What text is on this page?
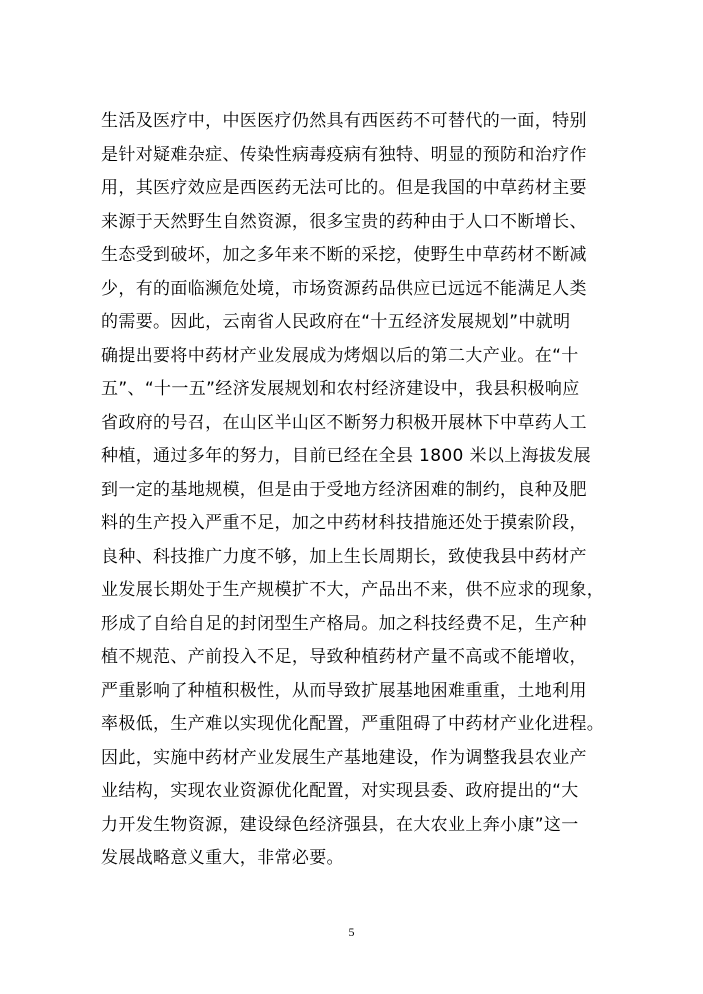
生活及医疗中，中医医疗仍然具有西医药不可替代的一面，特别
是针对疑难杂症、传染性病毒疫病有独特、明显的预防和治疗作
用，其医疗效应是西医药无法可比的。但是我国的中草药材主要
来源于天然野生自然资源，很多宝贵的药种由于人口不断增长、
生态受到破坏，加之多年来不断的采挖，使野生中草药材不断减
少，有的面临濒危处境，市场资源药品供应已远远不能满足人类
的需要。因此，云南省人民政府在“十五经济发展规划”中就明
确提出要将中药材产业发展成为烤烟以后的第二大产业。在“十
五”、“十一五”经济发展规划和农村经济建设中，我县积极响应
省政府的号召，在山区半山区不断努力积极开展林下中草药人工
种植，通过多年的努力，目前已经在全县 1800 米以上海拔发展
到一定的基地规模，但是由于受地方经济困难的制约，良种及肥
料的生产投入严重不足，加之中药材科技措施还处于摸索阶段，
良种、科技推广力度不够，加上生长周期长，致使我县中药材产
业发展长期处于生产规模扩不大，产品出不来，供不应求的现象，
形成了自给自足的封闭型生产格局。加之科技经费不足，生产种
植不规范、产前投入不足，导致种植药材产量不高或不能增收，
严重影响了种植积极性，从而导致扩展基地困难重重，土地利用
率极低，生产难以实现优化配置，严重阻碍了中药材产业化进程。
因此，实施中药材产业发展生产基地建设，作为调整我县农业产
业结构，实现农业资源优化配置，对实现县委、政府提出的“大
力开发生物资源，建设绿色经济强县，在大农业上奔小康”这一
发展战略意义重大，非常必要。
5
